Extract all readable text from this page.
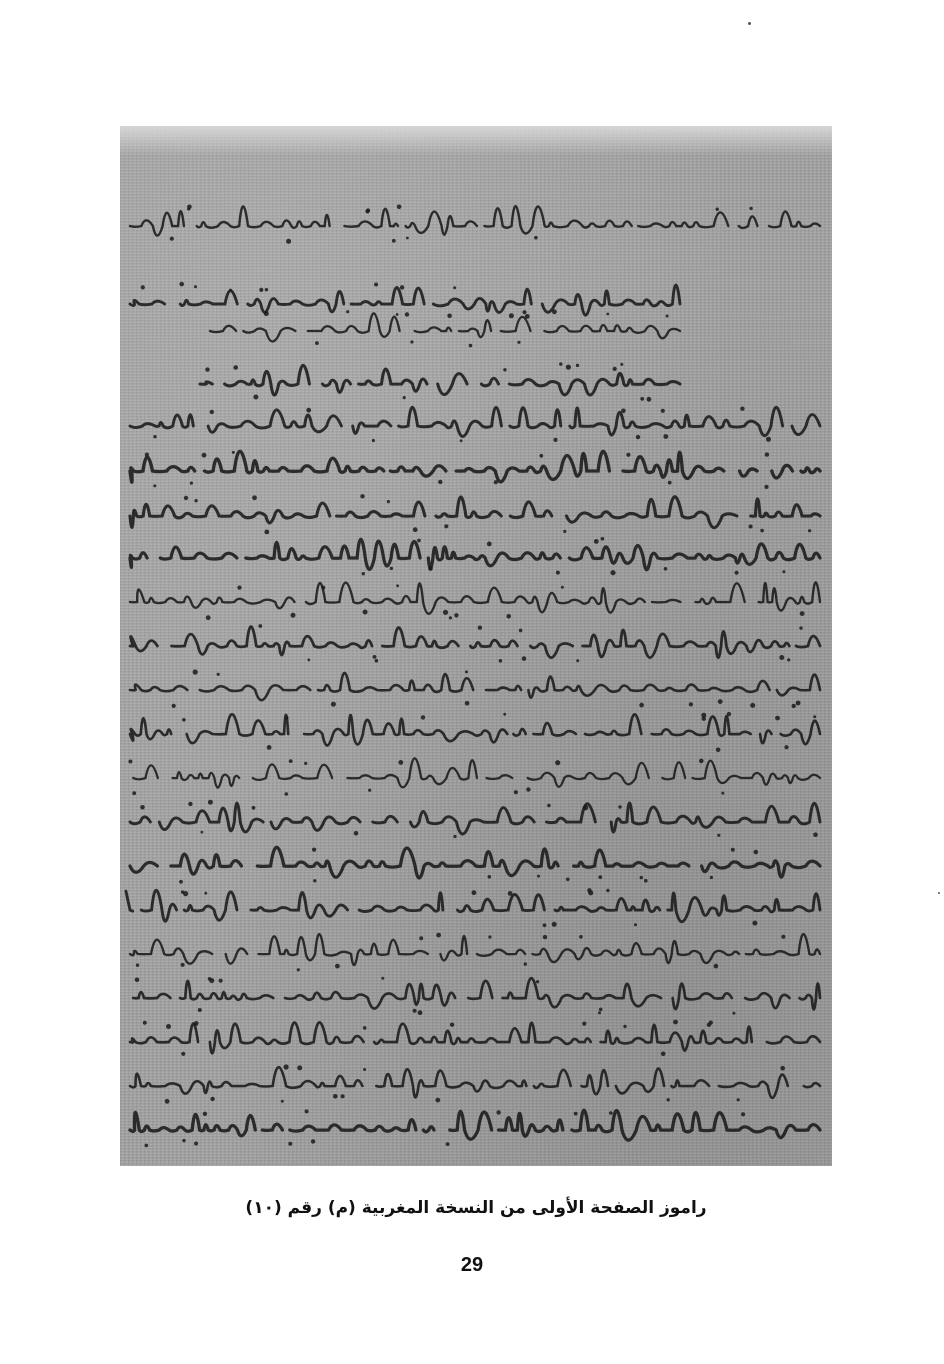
راموز الصفحة الأولى من النسخة المغربية (م) رقم (١٠)
29
